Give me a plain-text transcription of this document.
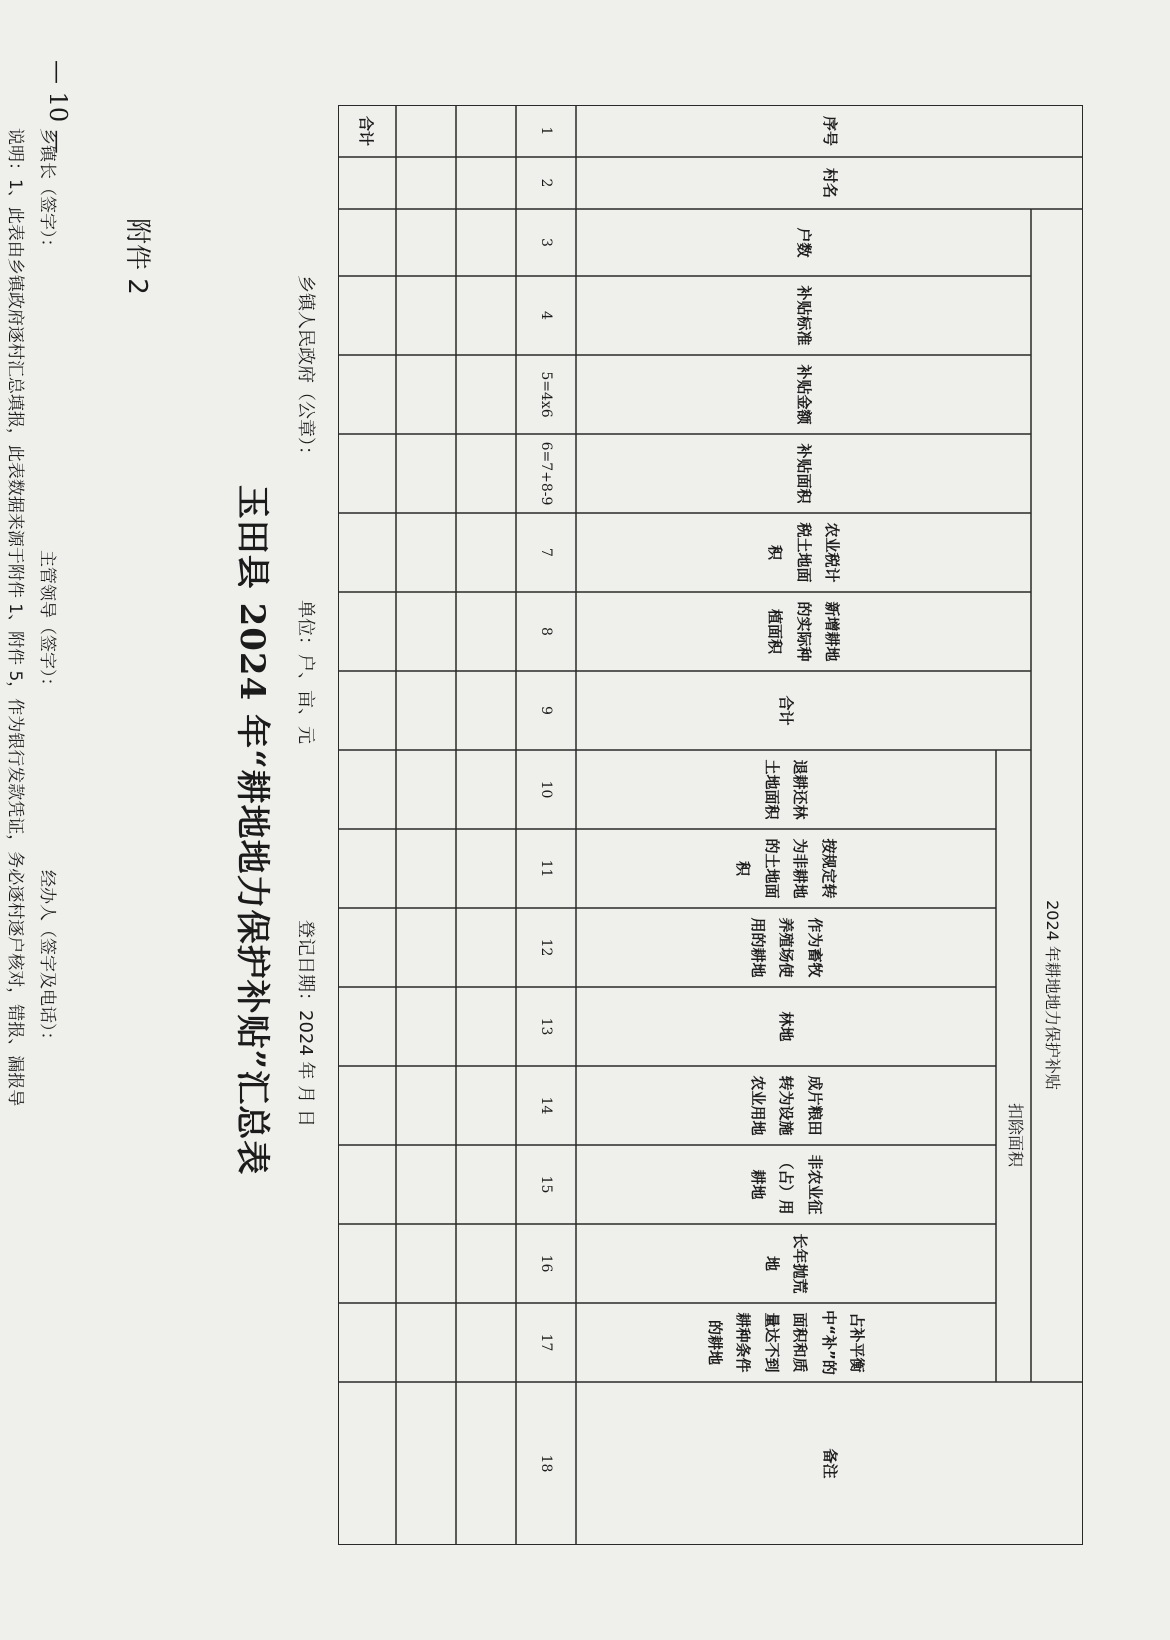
— 10 —
附件 2
玉田县 2024 年“耕地地力保护补贴”汇总表
乡镇人民政府（公章）：
单位：户、亩、元
登记日期：2024 年 月 日	2024 年耕地地力保护补贴
扣除面积
乡镇长（签字）：
主管领导（签字）：
经办人（签字及电话）：
说明：1、此表由乡镇政府逐村汇总填报，此表数据来源于附件 1、附件 5，作为银行发款凭证，务必逐村逐户核对，错报、漏报导	序号
1
村名
2
户数
3
补贴标准
4
补贴金额
5=4x6
补贴面积
6=7+8-9
农业税计税土地面积
7
新增耕地的实际种植面积
8
合计
9
退耕还林土地面积
10
按规定转为非耕地的土地面积
11
作为畜牧养殖场使用的耕地
12
林地
13
成片粮田转为设施农业用地
14
非农业征（占）用耕地
15
长年抛荒地
16
占补平衡中“补”的面积和质量达不到耕种条件的耕地
17
备注
18
合计
